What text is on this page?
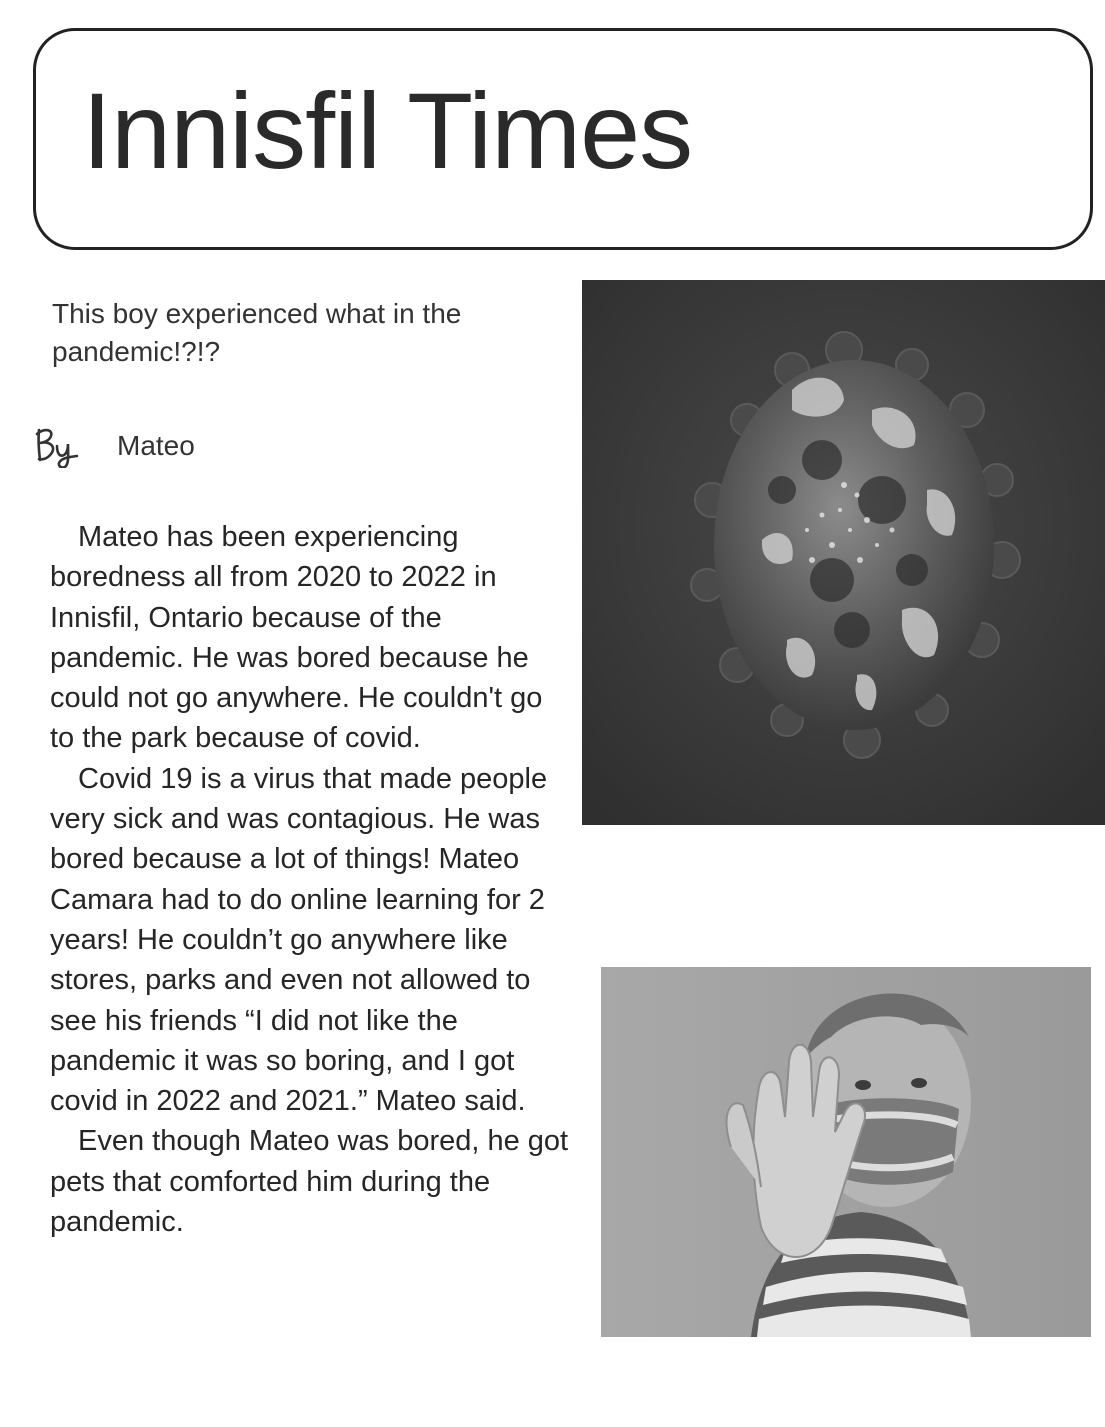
Innisfil Times
This boy experienced what in the pandemic!?!?
Mateo

Mateo has been experiencing boredness all from 2020 to 2022 in Innisfil, Ontario because of the pandemic. He was bored because he could not go anywhere. He couldn't go to the park because of covid.

Covid 19 is a virus that made people very sick and was contagious. He was bored because a lot of things! Mateo Camara had to do online learning for 2 years! He couldn’t go anywhere like stores, parks and even not allowed to see his friends “I did not like the pandemic it was so boring, and I got covid in 2022 and 2021.” Mateo said.

Even though Mateo was bored, he got pets that comforted him during the pandemic.
